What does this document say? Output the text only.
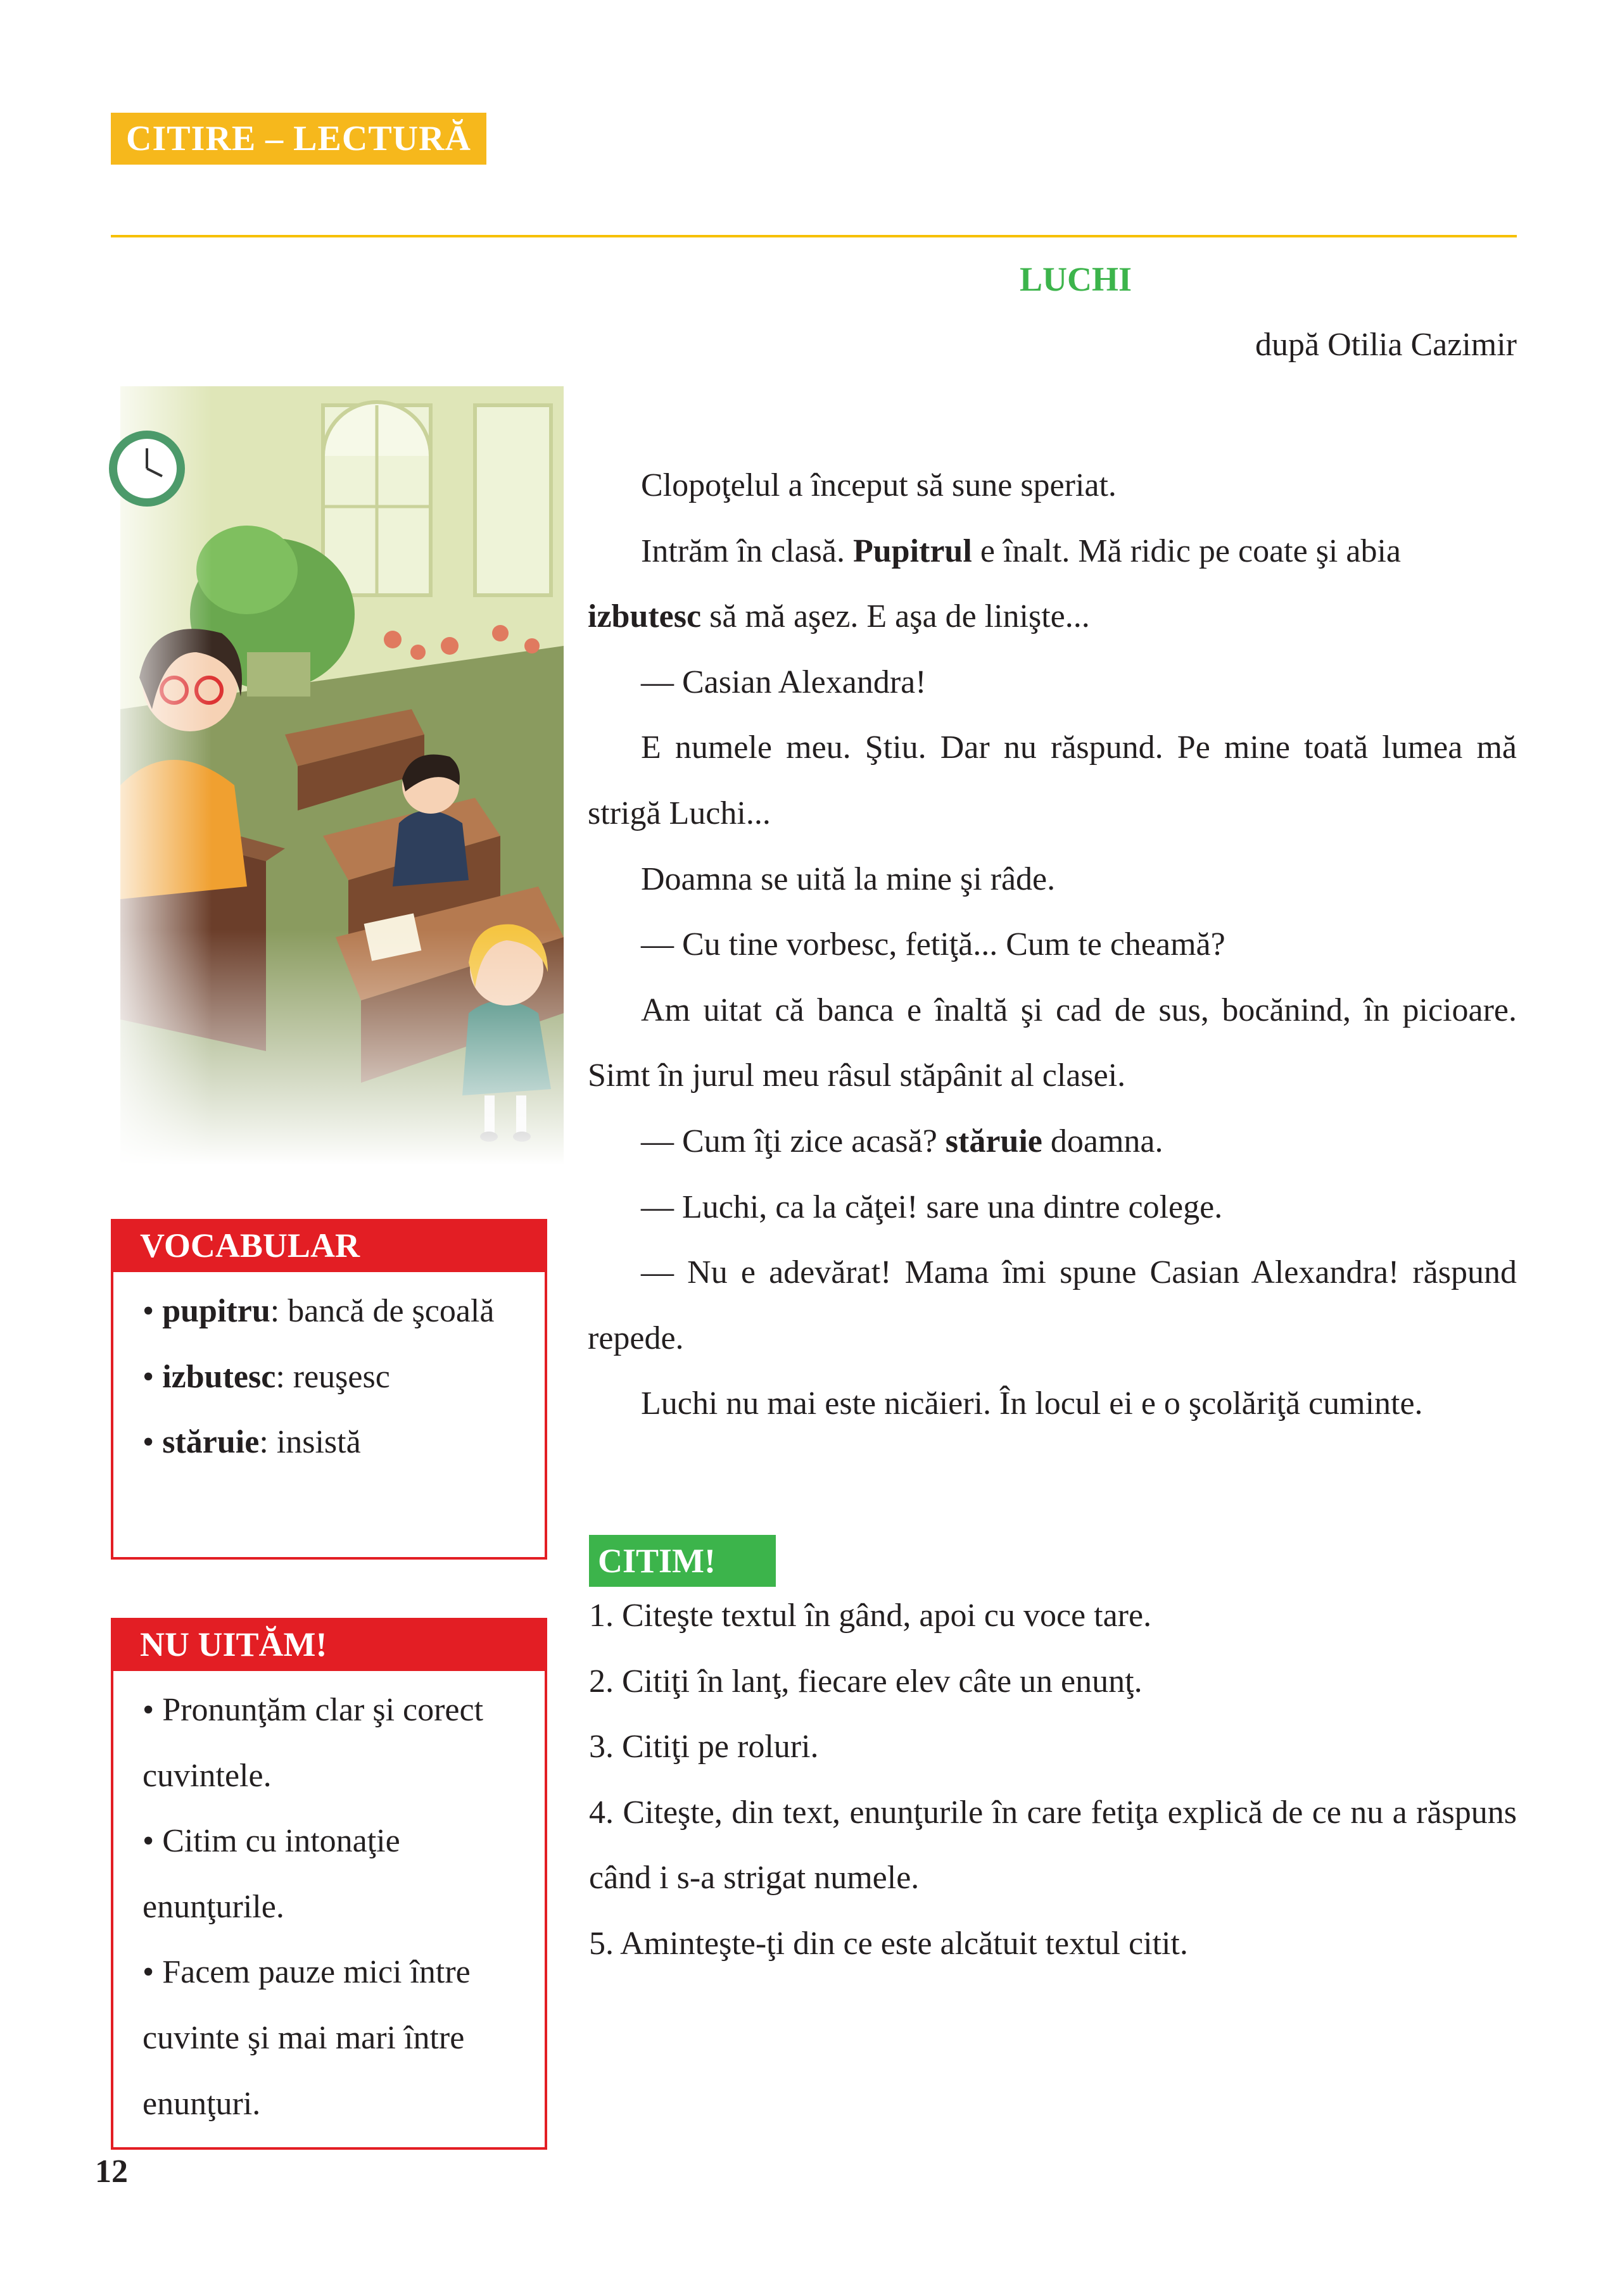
CITIRE – LECTURĂ
LUCHI
după Otilia Cazimir

Clopoţelul a început să sune speriat.

Intrăm în clasă. Pupitrul e înalt. Mă ridic pe coate şi abia

izbutesc să mă aşez. E aşa de linişte...

— Casian Alexandra!

E numele meu. Ştiu. Dar nu răspund. Pe mine toată lumea mă strigă Luchi...

Doamna se uită la mine şi râde.

— Cu tine vorbesc, fetiţă... Cum te cheamă?

Am uitat că banca e înaltă şi cad de sus, bocănind, în picioare. Simt în jurul meu râsul stăpânit al clasei.

— Cum îţi zice acasă? stăruie doamna.

— Luchi, ca la căţei! sare una dintre colege.

— Nu e adevărat! Mama îmi spune Casian Alexandra! răspund repede.

Luchi nu mai este nicăieri. În locul ei e o şcolăriţă cuminte.

VOCABULAR
• pupitru: bancă de şcoală
• izbutesc: reuşesc
• stăruie: insistă
NU UITĂM!
• Pronunţăm clar şi corect cuvintele.
• Citim cu intonaţie enunţurile.
• Facem pauze mici între cuvinte şi mai mari între enunţuri.
CITIM!
1. Citeşte textul în gând, apoi cu voce tare.
2. Citiţi în lanţ, fiecare elev câte un enunţ.
3. Citiţi pe roluri.
4. Citeşte, din text, enunţurile în care fetiţa explică de ce nu a răspuns când i s-a strigat numele.
5. Aminteşte-ţi din ce este alcătuit textul citit.
12
